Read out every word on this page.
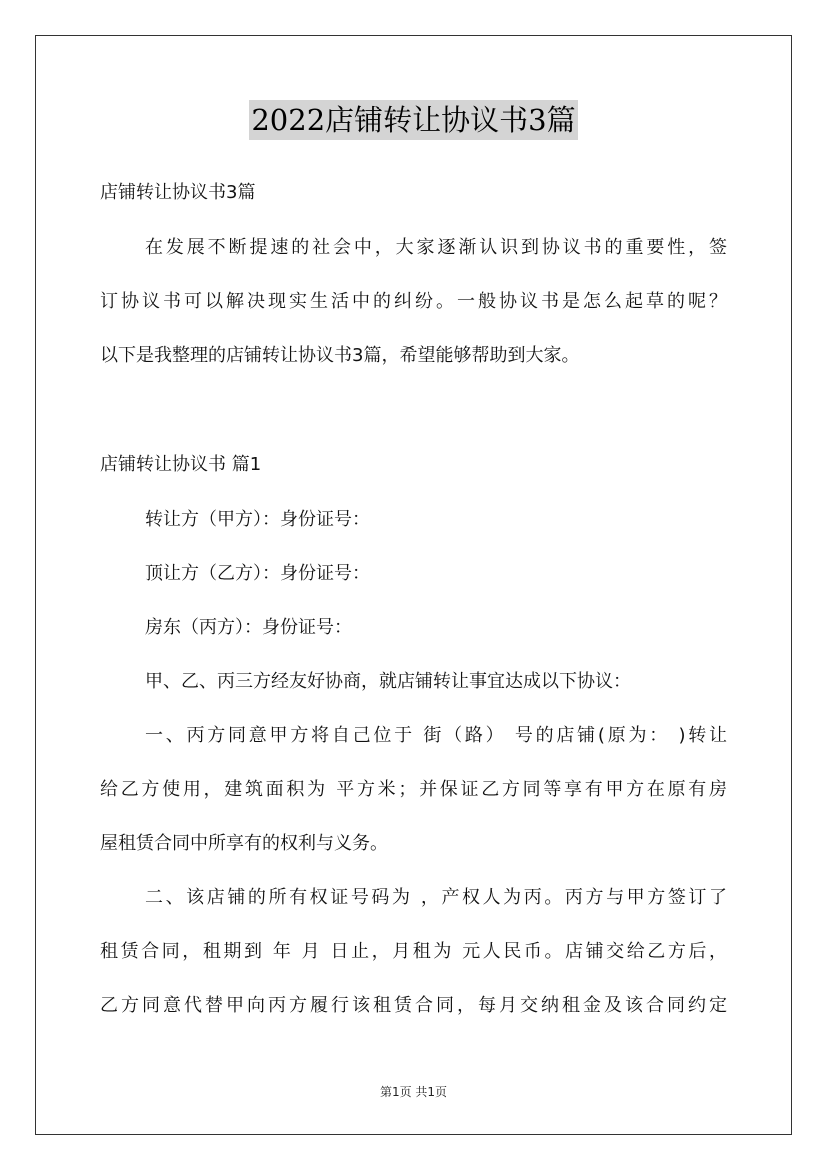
2022店铺转让协议书3篇
店铺转让协议书3篇
在发展不断提速的社会中，大家逐渐认识到协议书的重要性，签
订协议书可以解决现实生活中的纠纷。一般协议书是怎么起草的呢？
以下是我整理的店铺转让协议书3篇，希望能够帮助到大家。
店铺转让协议书 篇1
转让方（甲方）：身份证号：
顶让方（乙方）：身份证号：
房东（丙方）：身份证号：
甲、乙、丙三方经友好协商，就店铺转让事宜达成以下协议：
一、丙方同意甲方将自己位于 街（路） 号的店铺(原为： )转让
给乙方使用，建筑面积为 平方米；并保证乙方同等享有甲方在原有房
屋租赁合同中所享有的权利与义务。
二、该店铺的所有权证号码为 ，产权人为丙。丙方与甲方签订了
租赁合同，租期到 年 月 日止，月租为 元人民币。店铺交给乙方后，
乙方同意代替甲向丙方履行该租赁合同，每月交纳租金及该合同约定
第1页 共1页
